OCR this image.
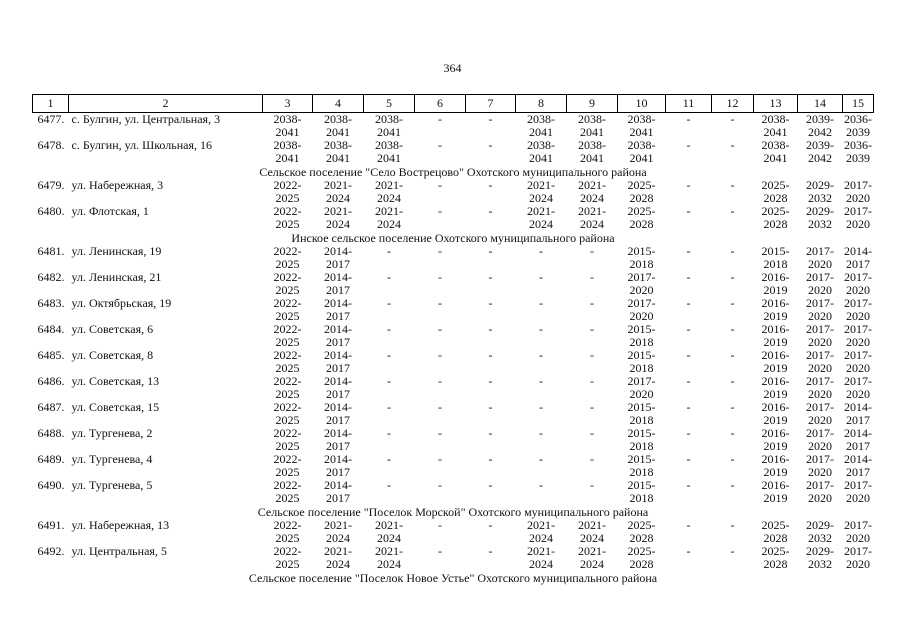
364
1	2	3	4	5	6	7	8	9	10	11	12	13	14	15
6477.	с. Булгин, ул. Центральная, 3	2038-
2041	2038-
2041	2038-
2041	-	-	2038-
2041	2038-
2041	2038-
2041	-	-	2038-
2041	2039-
2042	2036-
2039

6478.	с. Булгин, ул. Школьная, 16	2038-
2041	2038-
2041	2038-
2041	-	-	2038-
2041	2038-
2041	2038-
2041	-	-	2038-
2041	2039-
2042	2036-
2039

Сельское поселение "Село Вострецово" Охотского муниципального района														
6479.	ул. Набережная, 3	2022-
2025	2021-
2024	2021-
2024	-	-	2021-
2024	2021-
2024	2025-
2028	-	-	2025-
2028	2029-
2032	2017-
2020

6480.	ул. Флотская, 1	2022-
2025	2021-
2024	2021-
2024	-	-	2021-
2024	2021-
2024	2025-
2028	-	-	2025-
2028	2029-
2032	2017-
2020

Инское сельское поселение Охотского муниципального района														
6481.	ул. Ленинская, 19	2022-
2025	2014-
2017	-	-	-	-	-	2015-
2018	-	-	2015-
2018	2017-
2020	2014-
2017

6482.	ул. Ленинская, 21	2022-
2025	2014-
2017	-	-	-	-	-	2017-
2020	-	-	2016-
2019	2017-
2020	2017-
2020

6483.	ул. Октябрьская, 19	2022-
2025	2014-
2017	-	-	-	-	-	2017-
2020	-	-	2016-
2019	2017-
2020	2017-
2020

6484.	ул. Советская, 6	2022-
2025	2014-
2017	-	-	-	-	-	2015-
2018	-	-	2016-
2019	2017-
2020	2017-
2020

6485.	ул. Советская, 8	2022-
2025	2014-
2017	-	-	-	-	-	2015-
2018	-	-	2016-
2019	2017-
2020	2017-
2020

6486.	ул. Советская, 13	2022-
2025	2014-
2017	-	-	-	-	-	2017-
2020	-	-	2016-
2019	2017-
2020	2017-
2020

6487.	ул. Советская, 15	2022-
2025	2014-
2017	-	-	-	-	-	2015-
2018	-	-	2016-
2019	2017-
2020	2014-
2017

6488.	ул. Тургенева, 2	2022-
2025	2014-
2017	-	-	-	-	-	2015-
2018	-	-	2016-
2019	2017-
2020	2014-
2017

6489.	ул. Тургенева, 4	2022-
2025	2014-
2017	-	-	-	-	-	2015-
2018	-	-	2016-
2019	2017-
2020	2014-
2017

6490.	ул. Тургенева, 5	2022-
2025	2014-
2017	-	-	-	-	-	2015-
2018	-	-	2016-
2019	2017-
2020	2017-
2020

Сельское поселение "Поселок Морской" Охотского муниципального района														
6491.	ул. Набережная, 13	2022-
2025	2021-
2024	2021-
2024	-	-	2021-
2024	2021-
2024	2025-
2028	-	-	2025-
2028	2029-
2032	2017-
2020

6492.	ул. Центральная, 5	2022-
2025	2021-
2024	2021-
2024	-	-	2021-
2024	2021-
2024	2025-
2028	-	-	2025-
2028	2029-
2032	2017-
2020

Сельское поселение "Поселок Новое Устье" Охотского муниципального района														
